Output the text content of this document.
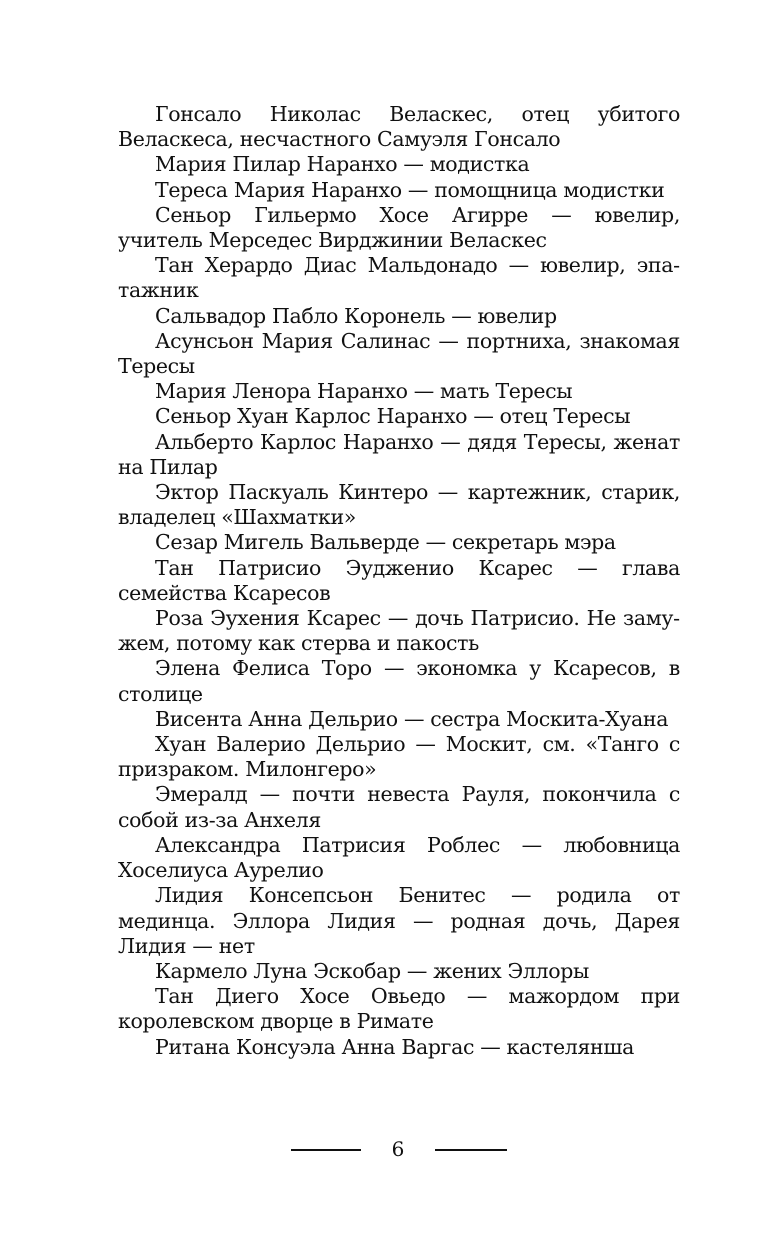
Гонсало Николас Веласкес, отец убитого Веласкеса, несчастного Самуэля Гонсало

Мария Пилар Наранхо — модистка

Тереса Мария Наранхо — помощница модистки

Сеньор Гильермо Хосе Агирре — ювелир, учитель Мерседес Вирджинии Веласкес

Тан Херардо Диас Мальдонадо — ювелир, эпатажник

Сальвадор Пабло Коронель — ювелир

Асунсьон Мария Салинас — портниха, знакомая Тересы

Мария Ленора Наранхо — мать Тересы

Сеньор Хуан Карлос Наранхо — отец Тересы

Альберто Карлос Наранхо — дядя Тересы, женат на Пилар

Эктор Паскуаль Кинтеро — картежник, старик, владелец «Шахматки»

Сезар Мигель Вальверде — секретарь мэра

Тан Патрисио Эудженио Ксарес — глава семейства Ксаресов

Роза Эухения Ксарес — дочь Патрисио. Не замужем, потому как стерва и пакость

Элена Фелиса Торо — экономка у Ксаресов, в столице

Висента Анна Дельрио — сестра Москита-Хуана

Хуан Валерио Дельрио — Москит, см. «Танго с призраком. Милонгеро»

Эмералд — почти невеста Рауля, покончила с собой из-за Анхеля

Александра Патрисия Роблес — любовница Хоселиуса Аурелио

Лидия Консепсьон Бенитес — родила от мединца. Эллора Лидия — родная дочь, Дарея Лидия — нет

Кармело Луна Эскобар — жених Эллоры

Тан Диего Хосе Овьедо — мажордом при королевском дворце в Римате

Ритана Консуэла Анна Варгас — кастелянша

6
